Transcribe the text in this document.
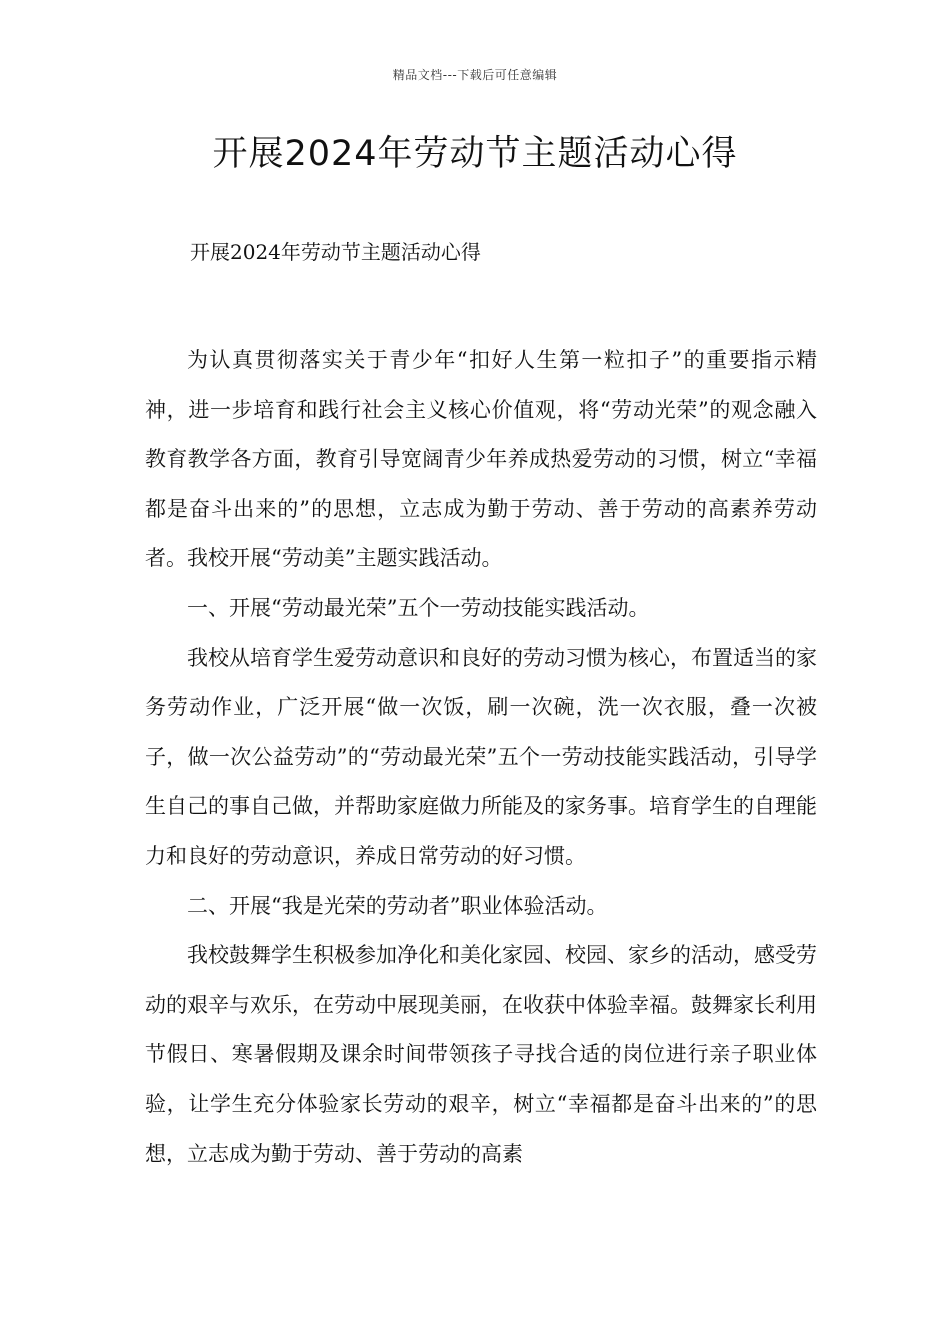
精品文档---下载后可任意编辑
开展2024年劳动节主题活动心得

开展2024年劳动节主题活动心得

为认真贯彻落实关于青少年“扣好人生第一粒扣子”的重要指示精神，进一步培育和践行社会主义核心价值观，将“劳动光荣”的观念融入教育教学各方面，教育引导宽阔青少年养成热爱劳动的习惯，树立“幸福都是奋斗出来的”的思想，立志成为勤于劳动、善于劳动的高素养劳动者。我校开展“劳动美”主题实践活动。

一、开展“劳动最光荣”五个一劳动技能实践活动。

我校从培育学生爱劳动意识和良好的劳动习惯为核心，布置适当的家务劳动作业，广泛开展“做一次饭，刷一次碗，洗一次衣服，叠一次被子，做一次公益劳动”的“劳动最光荣”五个一劳动技能实践活动，引导学生自己的事自己做，并帮助家庭做力所能及的家务事。培育学生的自理能力和良好的劳动意识，养成日常劳动的好习惯。

二、开展“我是光荣的劳动者”职业体验活动。

我校鼓舞学生积极参加净化和美化家园、校园、家乡的活动，感受劳动的艰辛与欢乐，在劳动中展现美丽，在收获中体验幸福。鼓舞家长利用节假日、寒暑假期及课余时间带领孩子寻找合适的岗位进行亲子职业体验，让学生充分体验家长劳动的艰辛，树立“幸福都是奋斗出来的”的思想，立志成为勤于劳动、善于劳动的高素
